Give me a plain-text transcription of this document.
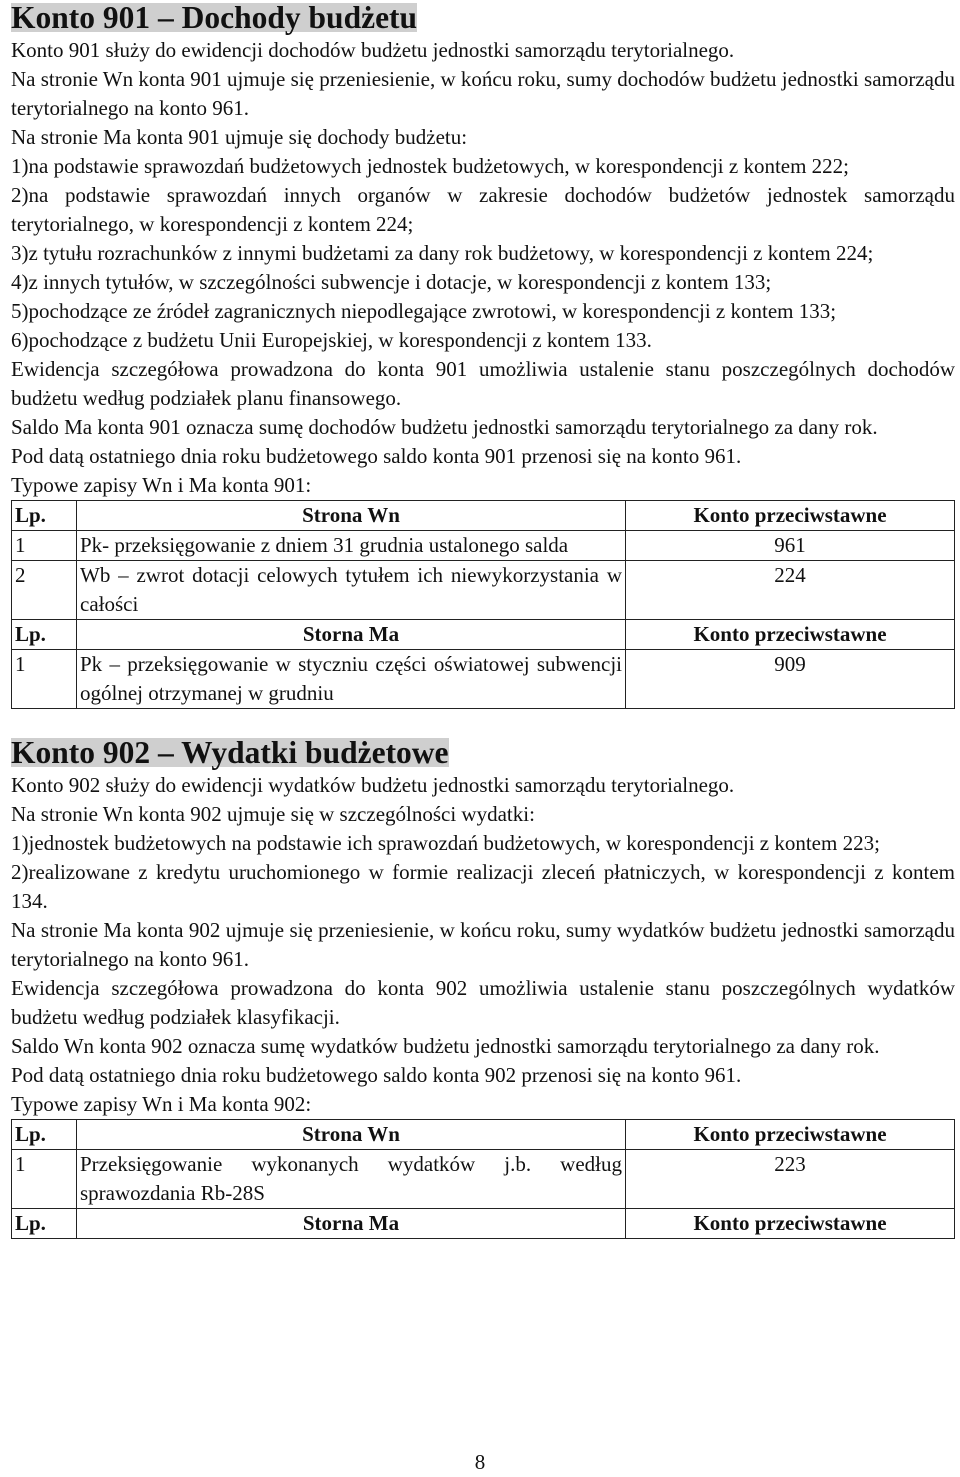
Konto 901 – Dochody budżetu

Konto 901 służy do ewidencji dochodów budżetu jednostki samorządu terytorialnego.

Na stronie Wn konta 901 ujmuje się przeniesienie, w końcu roku, sumy dochodów budżetu jednostki samorządu terytorialnego na konto 961.

Na stronie Ma konta 901 ujmuje się dochody budżetu:

1)na podstawie sprawozdań budżetowych jednostek budżetowych, w korespondencji z kontem 222;
2)na podstawie sprawozdań innych organów w zakresie dochodów budżetów jednostek samorządu terytorialnego, w korespondencji z kontem 224;
3)z tytułu rozrachunków z innymi budżetami za dany rok budżetowy, w korespondencji z kontem 224;
4)z innych tytułów, w szczególności subwencje i dotacje, w korespondencji z kontem 133;
5)pochodzące ze źródeł zagranicznych niepodlegające zwrotowi, w korespondencji z kontem 133;
6)pochodzące z budżetu Unii Europejskiej, w korespondencji z kontem 133.

Ewidencja szczegółowa prowadzona do konta 901 umożliwia ustalenie stanu poszczególnych dochodów budżetu według podziałek planu finansowego.

Saldo Ma konta 901 oznacza sumę dochodów budżetu jednostki samorządu terytorialnego za dany rok.

Pod datą ostatniego dnia roku budżetowego saldo konta 901 przenosi się na konto 961.

Typowe zapisy Wn i Ma konta 901:

Lp.	Strona Wn	Konto przeciwstawne
1	Pk- przeksięgowanie z dniem 31 grudnia ustalonego salda	961
2	Wb – zwrot dotacji celowych tytułem ich niewykorzystania w całości	224
Lp.	Storna Ma	Konto przeciwstawne
1	Pk – przeksięgowanie w styczniu części oświatowej subwencji ogólnej otrzymanej w grudniu	909
Konto 902 – Wydatki budżetowe

Konto 902 służy do ewidencji wydatków budżetu jednostki samorządu terytorialnego.

Na stronie Wn konta 902 ujmuje się w szczególności wydatki:

1)jednostek budżetowych na podstawie ich sprawozdań budżetowych, w korespondencji z kontem 223;
2)realizowane z kredytu uruchomionego w formie realizacji zleceń płatniczych, w korespondencji z kontem 134.

Na stronie Ma konta 902 ujmuje się przeniesienie, w końcu roku, sumy wydatków budżetu jednostki samorządu terytorialnego na konto 961.

Ewidencja szczegółowa prowadzona do konta 902 umożliwia ustalenie stanu poszczególnych wydatków budżetu według podziałek klasyfikacji.

Saldo Wn konta 902 oznacza sumę wydatków budżetu jednostki samorządu terytorialnego za dany rok.

Pod datą ostatniego dnia roku budżetowego saldo konta 902 przenosi się na konto 961.

Typowe zapisy Wn i Ma konta 902:

Lp.	Strona Wn	Konto przeciwstawne
1	Przeksięgowanie wykonanych wydatków j.b. według sprawozdania Rb-28S	223
Lp.	Storna Ma	Konto przeciwstawne
8
